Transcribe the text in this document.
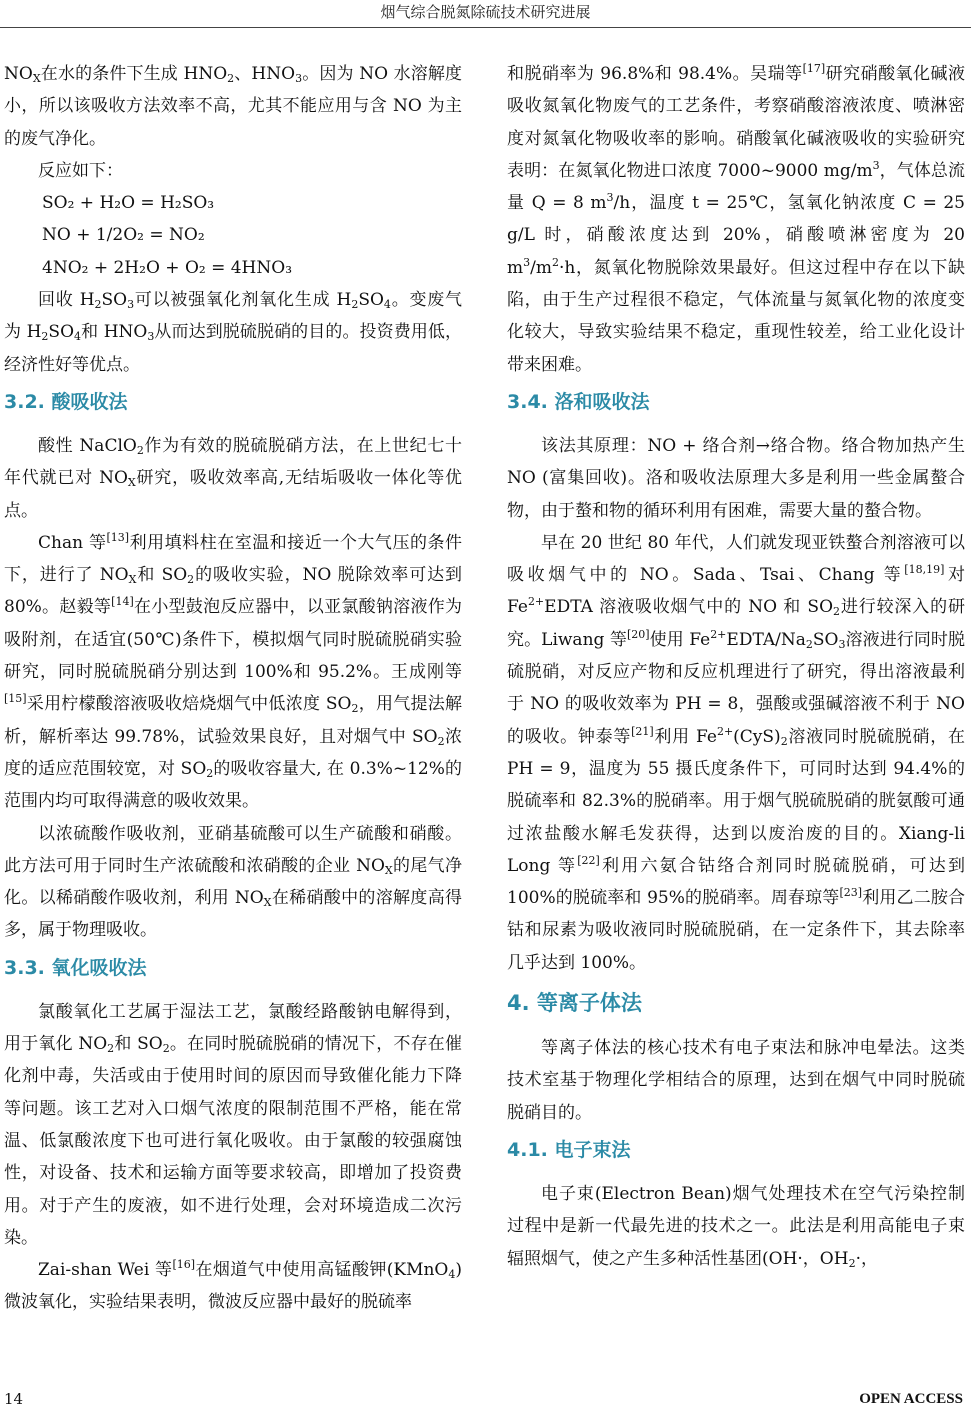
烟气综合脱氮除硫技术研究进展

$NO_X$在水的条件下生成 $HNO_2$、$HNO_3$。因为 NO 水溶解度小，所以该吸收方法效率不高，尤其不能应用与含 NO 为主的废气净化。

反应如下：

SO₂ + H₂O = H₂SO₃

NO + 1/2O₂ = NO₂

4NO₂ + 2H₂O + O₂ = 4HNO₃

回收 $H_2SO_3$可以被强氧化剂氧化生成 $H_2SO_4$。变废气为 $H_2SO_4$和 $HNO_3$从而达到脱硫脱硝的目的。投资费用低，经济性好等优点。

3.2. 酸吸收法

酸性 NaClO$_2$作为有效的脱硫脱硝方法，在上世纪七十年代就已对 $NO_X$研究，吸收效率高,无结垢吸收一体化等优点。

Chan 等[13]利用填料柱在室温和接近一个大气压的条件下，进行了 $NO_X$和 $SO_2$的吸收实验，NO 脱除效率可达到 80%。赵毅等[14]在小型鼓泡反应器中，以亚氯酸钠溶液作为吸附剂，在适宜(50℃)条件下，模拟烟气同时脱硫脱硝实验研究，同时脱硫脱硝分别达到 100%和 95.2%。王成刚等[15]采用柠檬酸溶液吸收焙烧烟气中低浓度 $SO_2$，用气提法解析，解析率达 99.78%，试验效果良好，且对烟气中 $SO_2$浓度的适应范围较宽，对 $SO_2$的吸收容量大, 在 0.3%~12%的范围内均可取得满意的吸收效果。

以浓硫酸作吸收剂，亚硝基硫酸可以生产硫酸和硝酸。此方法可用于同时生产浓硫酸和浓硝酸的企业 $NO_X$的尾气净化。以稀硝酸作吸收剂，利用 $NO_X$在稀硝酸中的溶解度高得多，属于物理吸收。

3.3. 氧化吸收法

氯酸氧化工艺属于湿法工艺，氯酸经路酸钠电解得到，用于氧化 $NO_2$和 $SO_2$。在同时脱硫脱硝的情况下，不存在催化剂中毒，失活或由于使用时间的原因而导致催化能力下降等问题。该工艺对入口烟气浓度的限制范围不严格，能在常温、低氯酸浓度下也可进行氧化吸收。由于氯酸的较强腐蚀性，对设备、技术和运输方面等要求较高，即增加了投资费用。对于产生的废液，如不进行处理，会对环境造成二次污染。

Zai-shan Wei 等[16]在烟道气中使用高锰酸钾(KMnO$_4$)微波氧化，实验结果表明，微波反应器中最好的脱硫率

和脱硝率为 96.8%和 98.4%。吴瑞等[17]研究硝酸氧化碱液吸收氮氧化物废气的工艺条件，考察硝酸溶液浓度、喷淋密度对氮氧化物吸收率的影响。硝酸氧化碱液吸收的实验研究表明：在氮氧化物进口浓度 7000~9000 $mg/m^3$，气体总流量 Q = 8 $m^3/h$，温度 t = 25℃，氢氧化钠浓度 C = 25 g/L 时，硝酸浓度达到 20%，硝酸喷淋密度为 20 $m^3/m^2\cdot h$，氮氧化物脱除效果最好。但这过程中存在以下缺陷，由于生产过程很不稳定，气体流量与氮氧化物的浓度变化较大，导致实验结果不稳定，重现性较差，给工业化设计带来困难。

3.4. 洛和吸收法

该法其原理：NO + 络合剂→络合物。络合物加热产生 NO (富集回收)。洛和吸收法原理大多是利用一些金属螯合物，由于螯和物的循环利用有困难，需要大量的螯合物。

早在 20 世纪 80 年代，人们就发现亚铁螯合剂溶液可以吸收烟气中的 NO。Sada、Tsai、Chang 等[18,19]对 $Fe^{2+}EDTA$ 溶液吸收烟气中的 NO 和 $SO_2$进行较深入的研究。Liwang 等[20]使用 $Fe^{2+}EDTA/Na_2SO_3$溶液进行同时脱硫脱硝，对反应产物和反应机理进行了研究，得出溶液最利于 NO 的吸收效率为 PH = 8，强酸或强碱溶液不利于 NO 的吸收。钟泰等[21]利用 $Fe^{2+}(CyS)_2$溶液同时脱硫脱硝，在 PH = 9，温度为 55 摄氏度条件下，可同时达到 94.4%的脱硫率和 82.3%的脱硝率。用于烟气脱硫脱硝的胱氨酸可通过浓盐酸水解毛发获得，达到以废治废的目的。Xiang-li Long 等[22]利用六氨合钴络合剂同时脱硫脱硝，可达到 100%的脱硫率和 95%的脱硝率。周春琼等[23]利用乙二胺合钴和尿素为吸收液同时脱硫脱硝，在一定条件下，其去除率几乎达到 100%。

4. 等离子体法

等离子体法的核心技术有电子束法和脉冲电晕法。这类技术室基于物理化学相结合的原理，达到在烟气中同时脱硫脱硝目的。

4.1. 电子束法

电子束(Electron Bean)烟气处理技术在空气污染控制过程中是新一代最先进的技术之一。此法是利用高能电子束辐照烟气，使之产生多种活性基团(OH·，$OH_2\cdot$，

14	OPEN ACCESS
